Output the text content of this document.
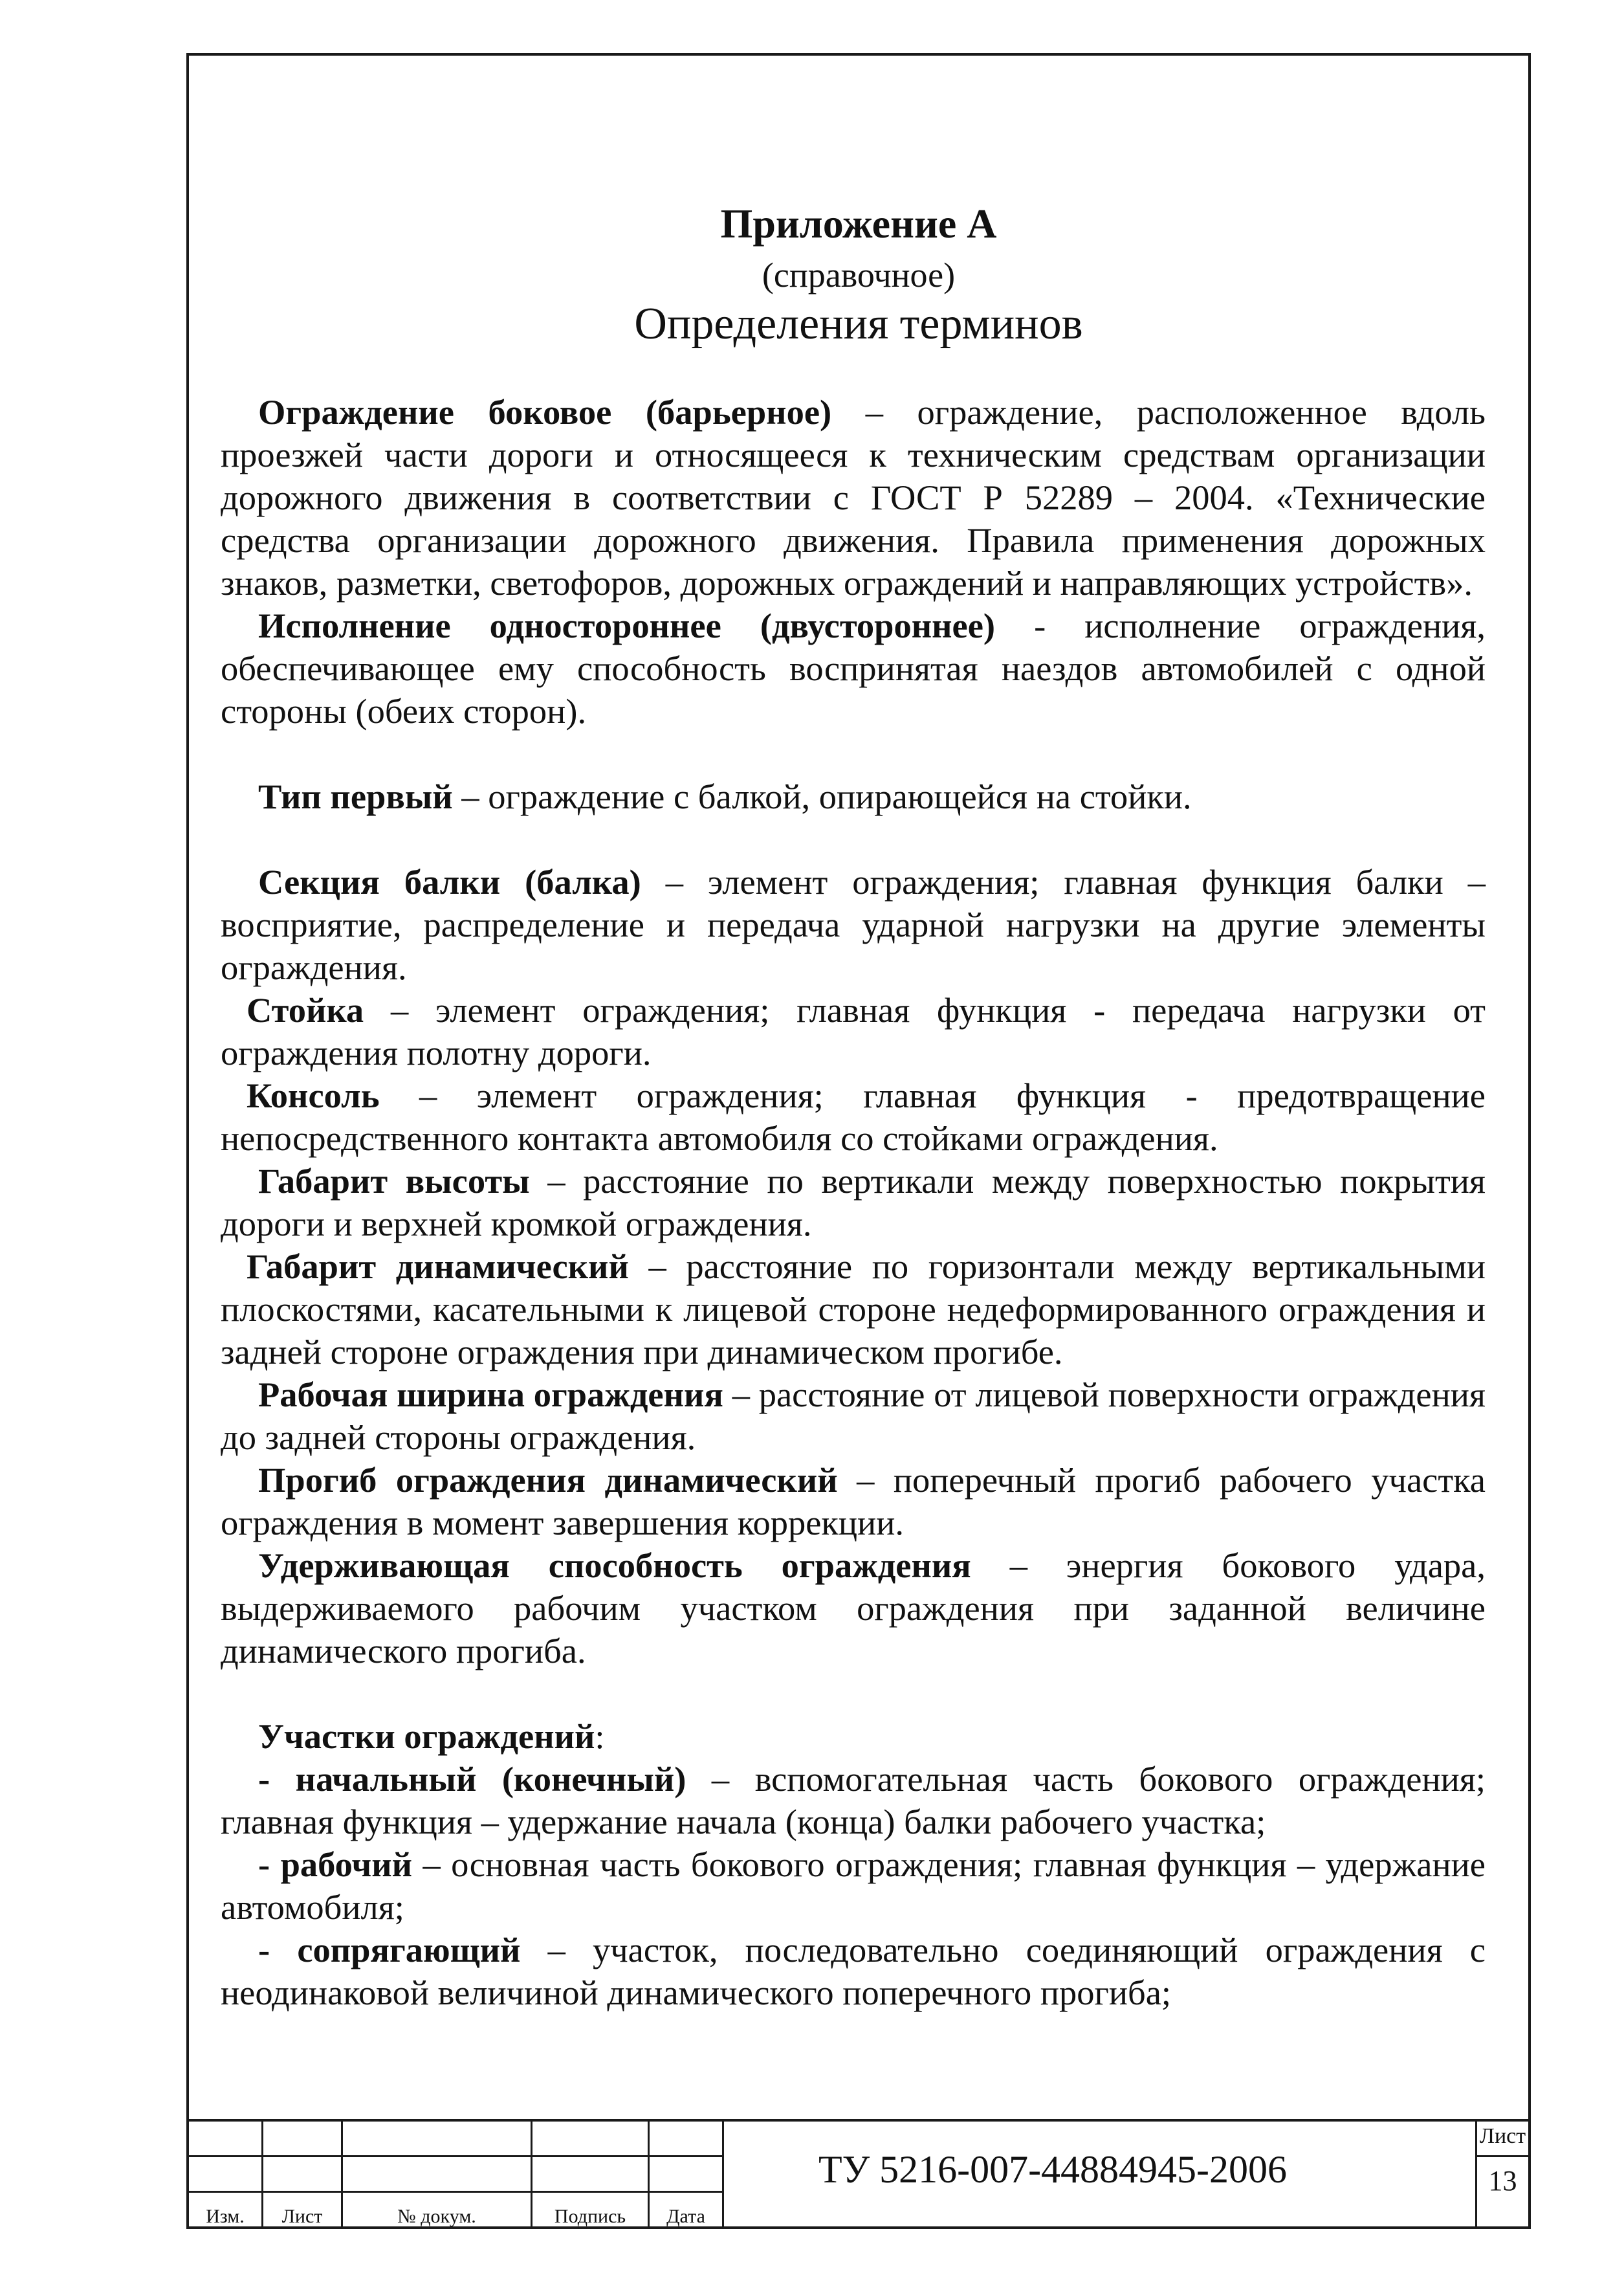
Приложение А
(справочное)
Определения терминов

Ограждение боковое (барьерное) – ограждение, расположенное вдоль проезжей части дороги и относящееся к техническим средствам организации дорожного движения в соответствии с ГОСТ Р 52289 – 2004. «Технические средства организации дорожного движения. Правила применения дорожных знаков, разметки, светофоров, дорожных ограждений и направляющих устройств».

Исполнение одностороннее (двустороннее) - исполнение ограждения, обеспечивающее ему способность воспринятая наездов автомобилей с одной стороны (обеих сторон).

Тип первый – ограждение с балкой, опирающейся на стойки.

Секция балки (балка) – элемент ограждения; главная функция балки – восприятие, распределение и передача ударной нагрузки на другие элементы ограждения.

Стойка – элемент ограждения; главная функция - передача нагрузки от ограждения полотну дороги.

Консоль – элемент ограждения; главная функция - предотвращение непосредственного контакта автомобиля со стойками ограждения.

Габарит высоты – расстояние по вертикали между поверхностью покрытия дороги и верхней кромкой ограждения.

Габарит динамический – расстояние по горизонтали между вертикальными плоскостями, касательными к лицевой стороне недеформированного ограждения и задней стороне ограждения при динамическом прогибе.

Рабочая ширина ограждения – расстояние от лицевой поверхности ограждения до задней стороны ограждения.

Прогиб ограждения динамический – поперечный прогиб рабочего участка ограждения в момент завершения коррекции.

Удерживающая способность ограждения – энергия бокового удара, выдерживаемого рабочим участком ограждения при заданной величине динамического прогиба.

Участки ограждений:

- начальный (конечный) – вспомогательная часть бокового ограждения; главная функция – удержание начала (конца) балки рабочего участка;

- рабочий – основная часть бокового ограждения; главная функция – удержание автомобиля;

- сопрягающий – участок, последовательно соединяющий ограждения с неодинаковой величиной динамического поперечного прогиба;

Изм.	Лист	№ докум.	Подпись	Дата
ТУ 5216-007-44884945-2006
Лист
13
